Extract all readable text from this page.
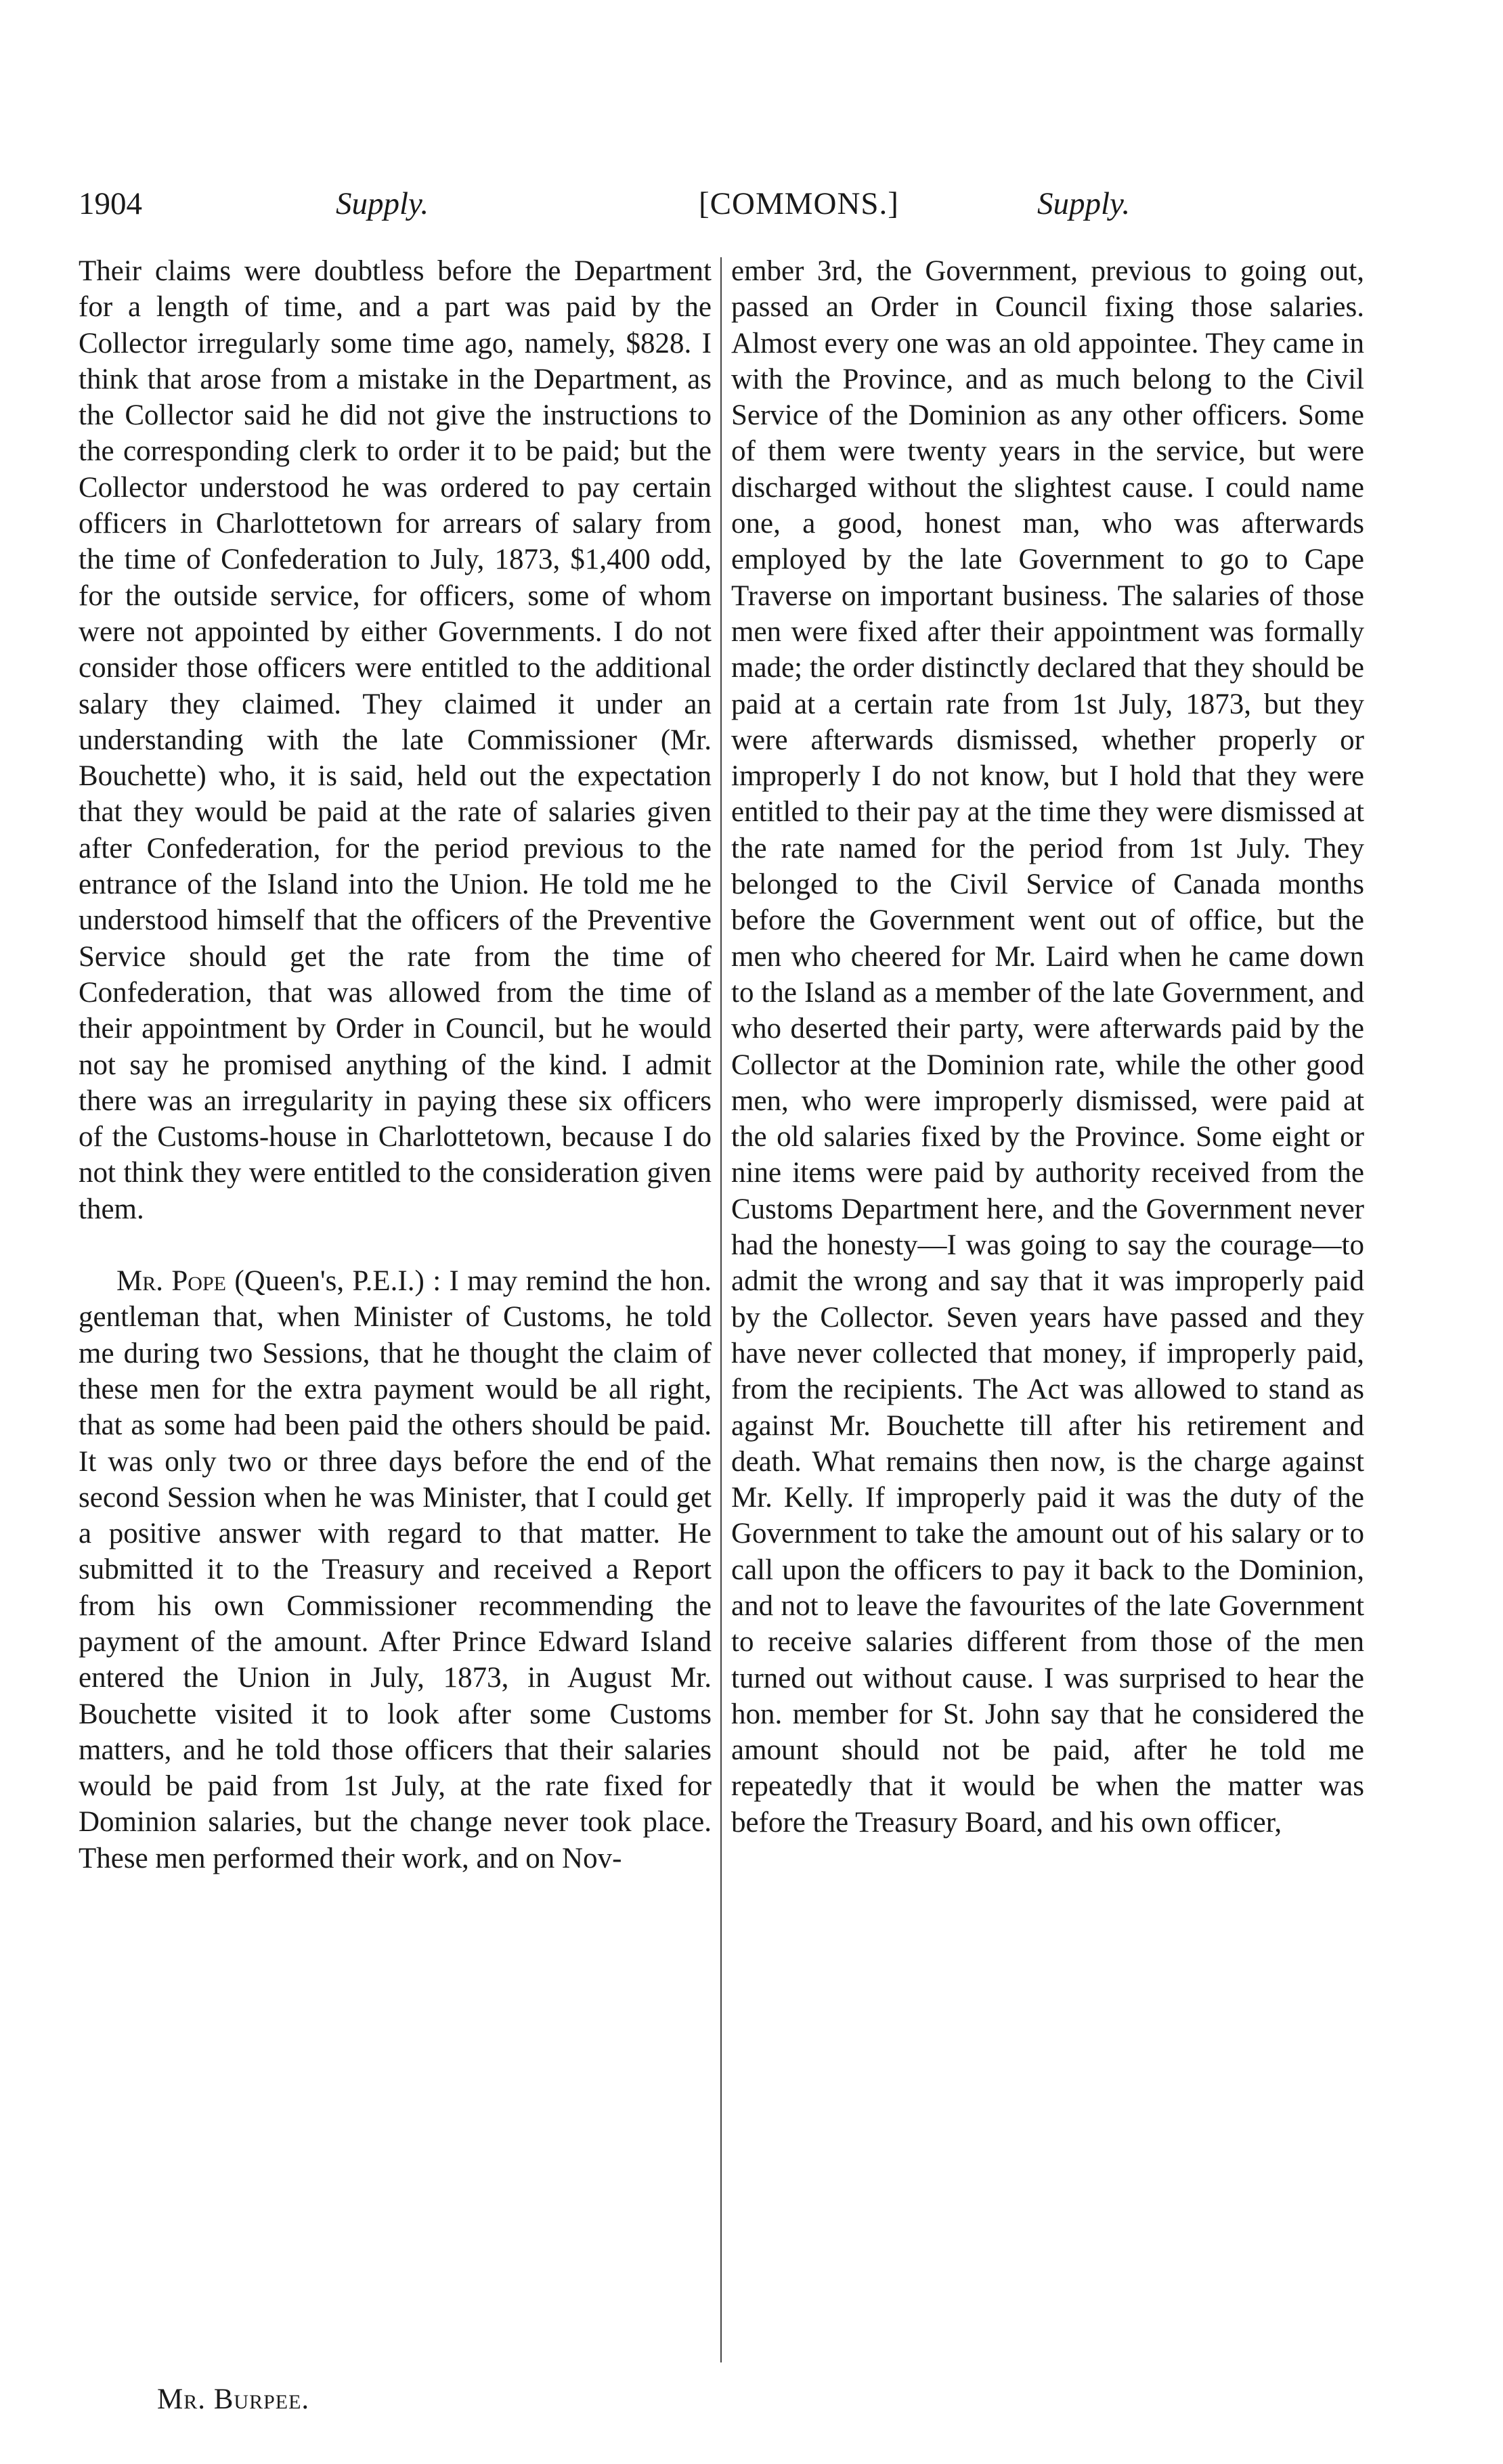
1904	Supply.	[COMMONS.]	Supply.

Their claims were doubtless before the Department for a length of time, and a part was paid by the Collector irregularly some time ago, namely, $828. I think that arose from a mistake in the Department, as the Collector said he did not give the instructions to the corresponding clerk to order it to be paid; but the Collector understood he was ordered to pay certain officers in Charlottetown for arrears of salary from the time of Confederation to July, 1873, $1,400 odd, for the outside service, for officers, some of whom were not appointed by either Governments. I do not consider those officers were entitled to the additional salary they claimed. They claimed it under an understanding with the late Commissioner (Mr. Bouchette) who, it is said, held out the expectation that they would be paid at the rate of salaries given after Confederation, for the period previous to the entrance of the Island into the Union. He told me he understood himself that the officers of the Preventive Service should get the rate from the time of Confederation, that was allowed from the time of their appointment by Order in Council, but he would not say he promised anything of the kind. I admit there was an irregularity in paying these six officers of the Customs-house in Charlottetown, because I do not think they were entitled to the consideration given them.

Mr. Pope (Queen's, P.E.I.) : I may remind the hon. gentleman that, when Minister of Customs, he told me during two Sessions, that he thought the claim of these men for the extra payment would be all right, that as some had been paid the others should be paid. It was only two or three days before the end of the second Session when he was Minister, that I could get a positive answer with regard to that matter. He submitted it to the Treasury and received a Report from his own Commissioner recommending the payment of the amount. After Prince Edward Island entered the Union in July, 1873, in August Mr. Bouchette visited it to look after some Customs matters, and he told those officers that their salaries would be paid from 1st July, at the rate fixed for Dominion salaries, but the change never took place. These men performed their work, and on Nov-

ember 3rd, the Government, previous to going out, passed an Order in Council fixing those salaries. Almost every one was an old appointee. They came in with the Province, and as much belong to the Civil Service of the Dominion as any other officers. Some of them were twenty years in the service, but were discharged without the slightest cause. I could name one, a good, honest man, who was afterwards employed by the late Government to go to Cape Traverse on important business. The salaries of those men were fixed after their appointment was formally made; the order distinctly declared that they should be paid at a certain rate from 1st July, 1873, but they were afterwards dismissed, whether properly or improperly I do not know, but I hold that they were entitled to their pay at the time they were dismissed at the rate named for the period from 1st July. They belonged to the Civil Service of Canada months before the Government went out of office, but the men who cheered for Mr. Laird when he came down to the Island as a member of the late Government, and who deserted their party, were afterwards paid by the Collector at the Dominion rate, while the other good men, who were improperly dismissed, were paid at the old salaries fixed by the Province. Some eight or nine items were paid by authority received from the Customs Department here, and the Government never had the honesty—I was going to say the courage—to admit the wrong and say that it was improperly paid by the Collector. Seven years have passed and they have never collected that money, if improperly paid, from the recipients. The Act was allowed to stand as against Mr. Bouchette till after his retirement and death. What remains then now, is the charge against Mr. Kelly. If improperly paid it was the duty of the Government to take the amount out of his salary or to call upon the officers to pay it back to the Dominion, and not to leave the favourites of the late Government to receive salaries different from those of the men turned out without cause. I was surprised to hear the hon. member for St. John say that he considered the amount should not be paid, after he told me repeatedly that it would be when the matter was before the Treasury Board, and his own officer,

Mr. Burpee.
